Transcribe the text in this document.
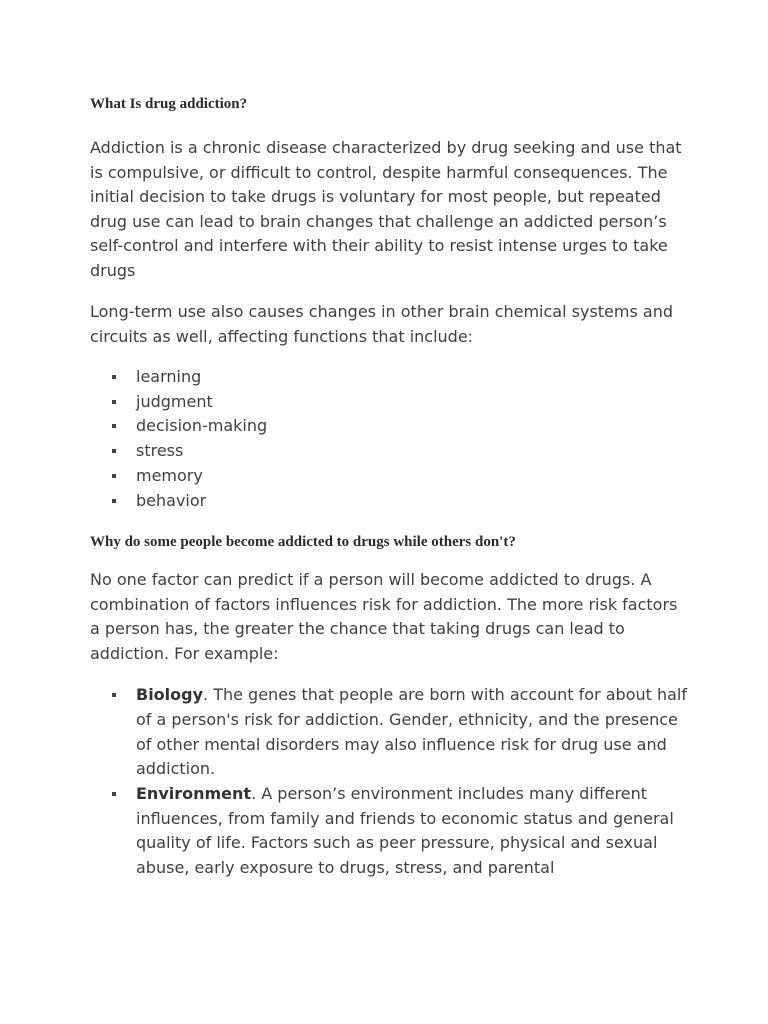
What Is drug addiction?

Addiction is a chronic disease characterized by drug seeking and use that is compulsive, or difficult to control, despite harmful consequences. The initial decision to take drugs is voluntary for most people, but repeated drug use can lead to brain changes that challenge an addicted person’s self-control and interfere with their ability to resist intense urges to take drugs

Long-term use also causes changes in other brain chemical systems and circuits as well, affecting functions that include:

learning
judgment
decision-making
stress
memory
behavior
Why do some people become addicted to drugs while others don't?

No one factor can predict if a person will become addicted to drugs. A combination of factors influences risk for addiction. The more risk factors a person has, the greater the chance that taking drugs can lead to addiction. For example:

Biology. The genes that people are born with account for about half of a person's risk for addiction. Gender, ethnicity, and the presence of other mental disorders may also influence risk for drug use and addiction.
Environment. A person’s environment includes many different influences, from family and friends to economic status and general quality of life. Factors such as peer pressure, physical and sexual abuse, early exposure to drugs, stress, and parental
